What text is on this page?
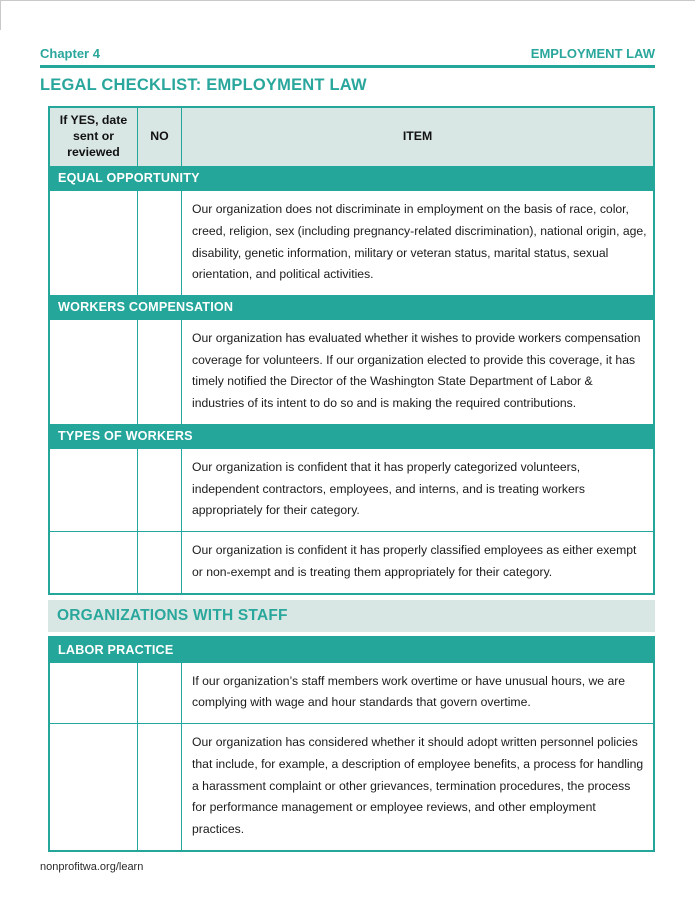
Chapter 4	EMPLOYMENT LAW
LEGAL CHECKLIST: EMPLOYMENT LAW
If YES, date sent or reviewed
NO	ITEM
EQUAL OPPORTUNITY
Our organization does not discriminate in employment on the basis of race, color, creed, religion, sex (including pregnancy-related discrimination), national origin, age, disability, genetic information, military or veteran status, marital status, sexual orientation, and political activities.
WORKERS COMPENSATION
Our organization has evaluated whether it wishes to provide workers compensation coverage for volunteers. If our organization elected to provide this coverage, it has timely notified the Director of the Washington State Department of Labor & industries of its intent to do so and is making the required contributions.
TYPES OF WORKERS
Our organization is confident that it has properly categorized volunteers, independent contractors, employees, and interns, and is treating workers appropriately for their category.
Our organization is confident it has properly classified employees as either exempt or non-exempt and is treating them appropriately for their category.
ORGANIZATIONS WITH STAFF
LABOR PRACTICE
If our organization’s staff members work overtime or have unusual hours, we are complying with wage and hour standards that govern overtime.
Our organization has considered whether it should adopt written personnel policies that include, for example, a description of employee benefits, a process for handling a harassment complaint or other grievances, termination procedures, the process for performance management or employee reviews, and other employment practices.
nonprofitwa.org/learn
